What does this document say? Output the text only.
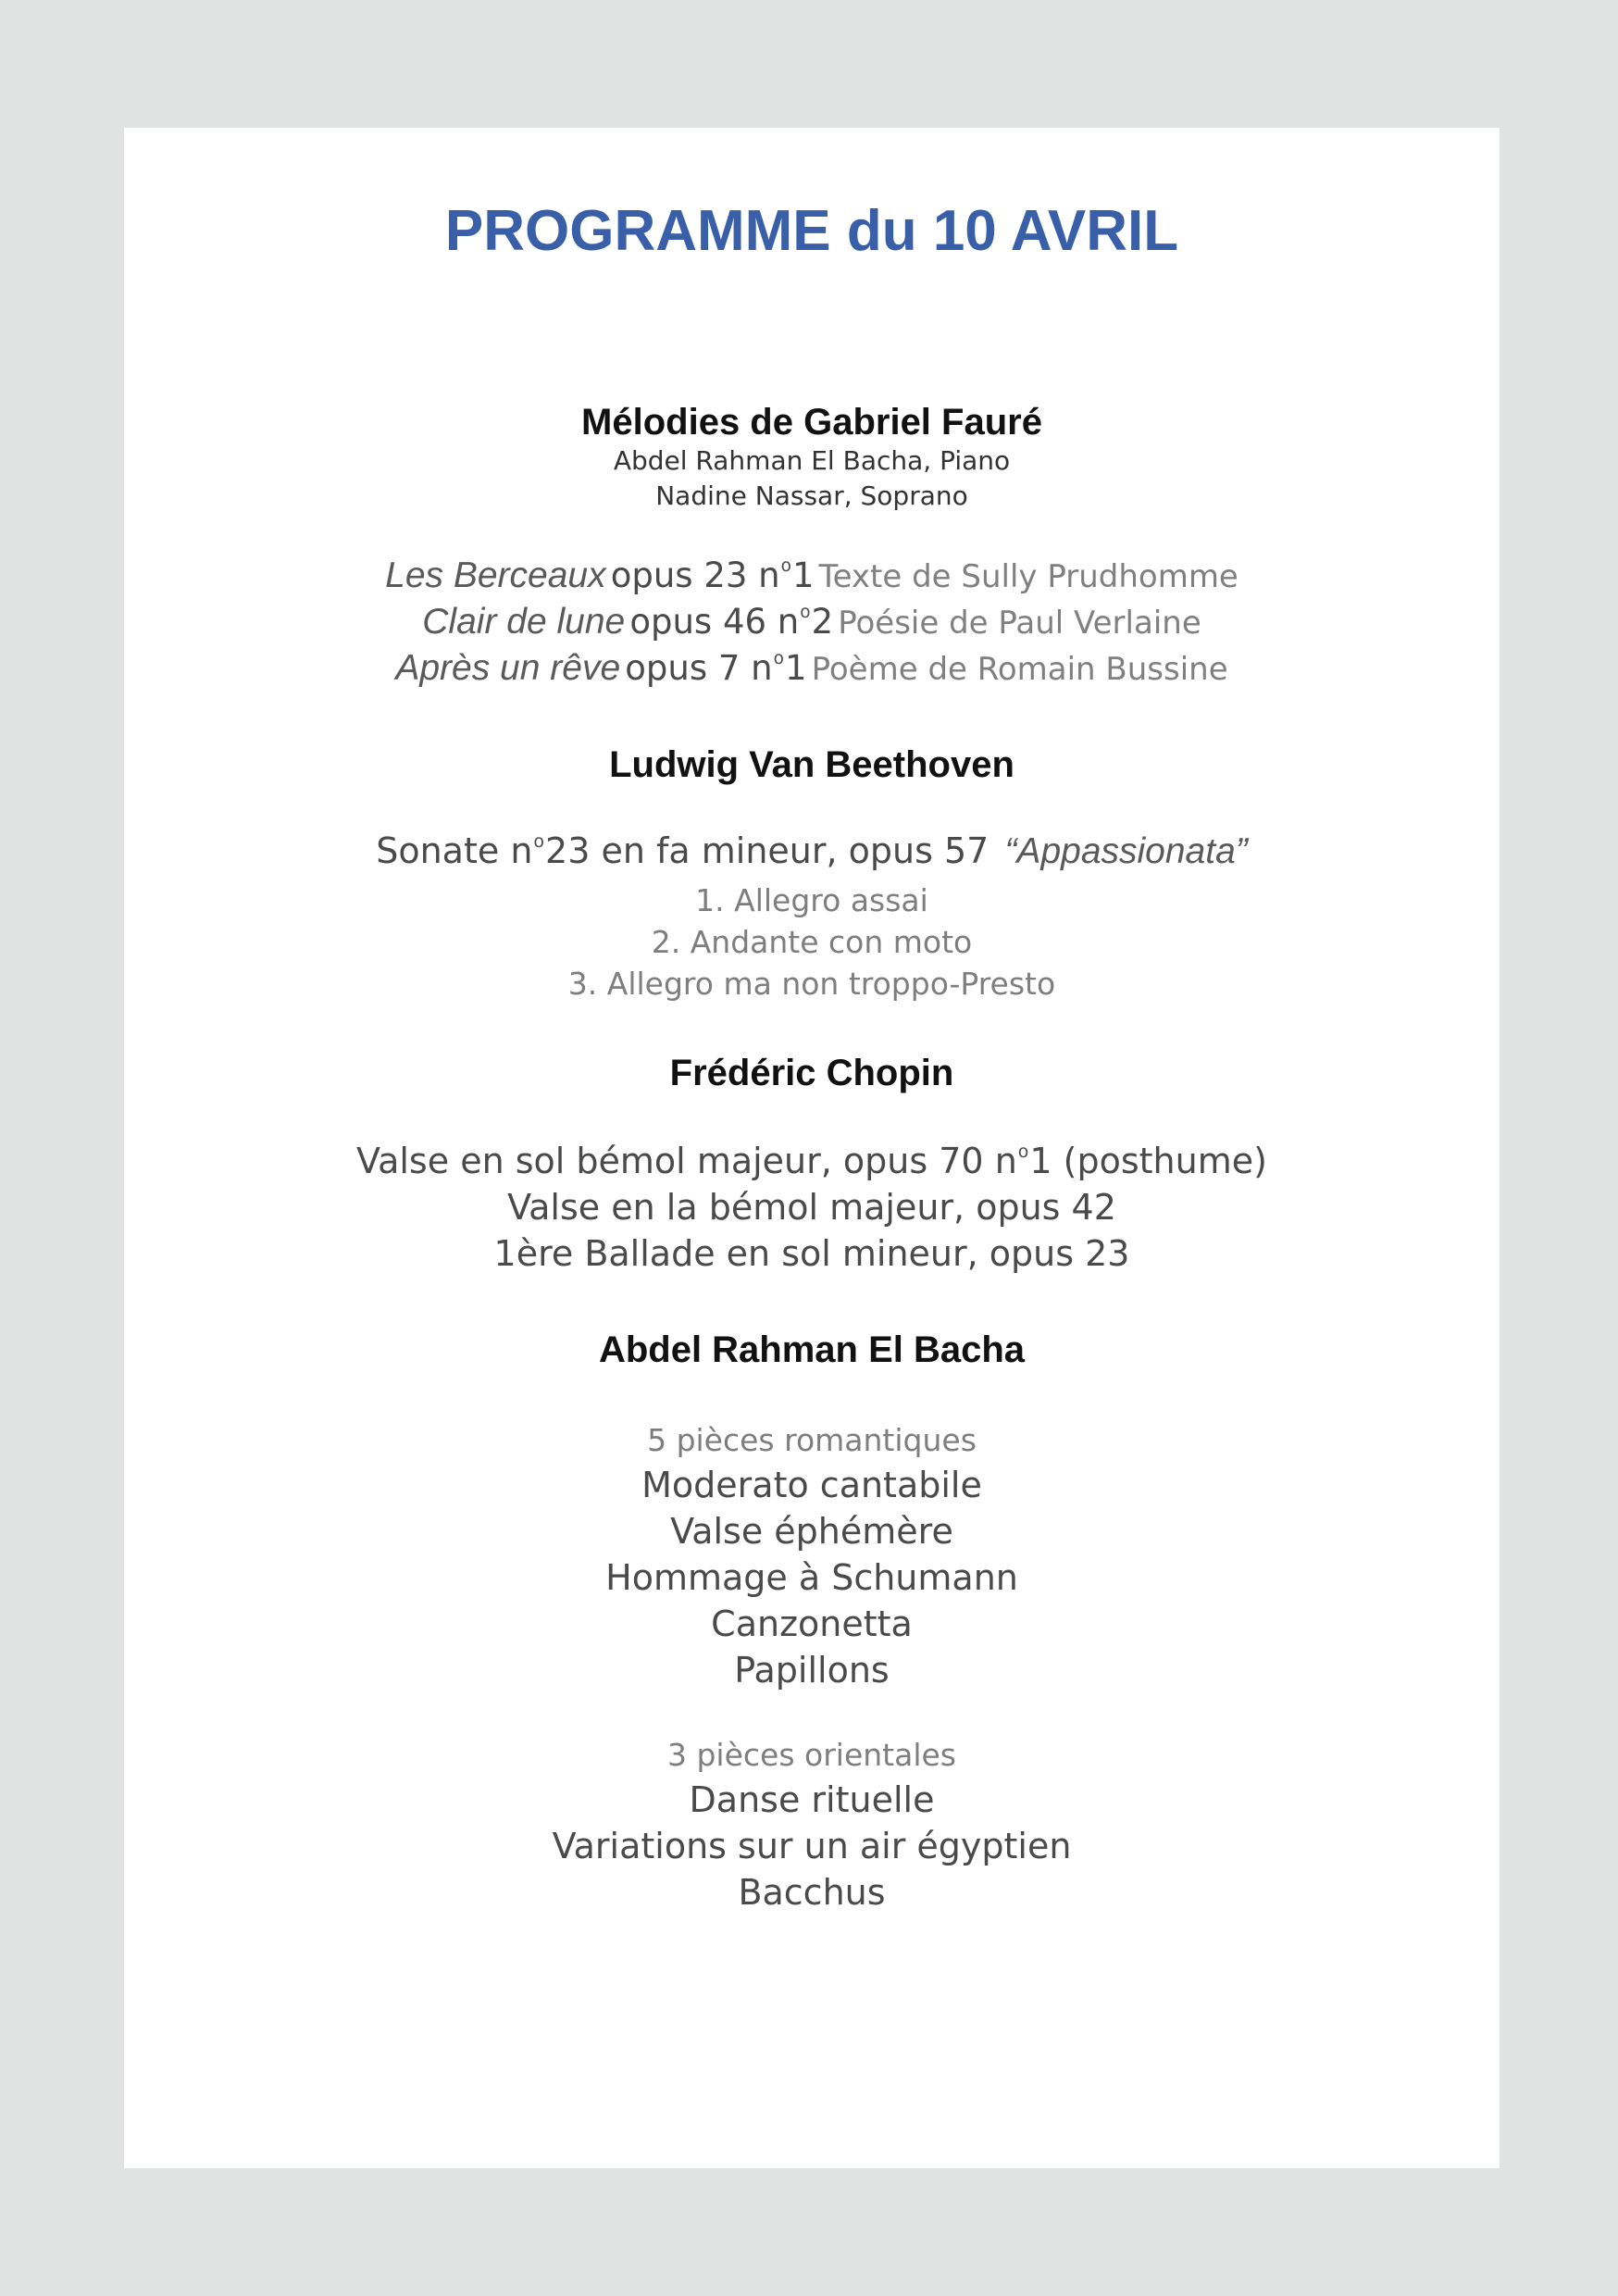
PROGRAMME du 10 AVRIL
Mélodies de Gabriel Fauré
Abdel Rahman El Bacha, Piano
Nadine Nassar, Soprano
Les Berceaux opus 23 $n^o1$ Texte de Sully Prudhomme
Clair de lune opus 46 $n^o2$ Poésie de Paul Verlaine
Après un rêve opus 7 $n^o1$ Poème de Romain Bussine
Ludwig Van Beethoven
Sonate $n^o23$ en fa mineur, opus 57 “Appassionata”
1. Allegro assai
2. Andante con moto
3. Allegro ma non troppo-Presto
Frédéric Chopin
Valse en sol bémol majeur, opus 70 $n^o1$ (posthume)
Valse en la bémol majeur, opus 42
1ère Ballade en sol mineur, opus 23
Abdel Rahman El Bacha
5 pièces romantiques
Moderato cantabile
Valse éphémère
Hommage à Schumann
Canzonetta
Papillons
3 pièces orientales
Danse rituelle
Variations sur un air égyptien
Bacchus
